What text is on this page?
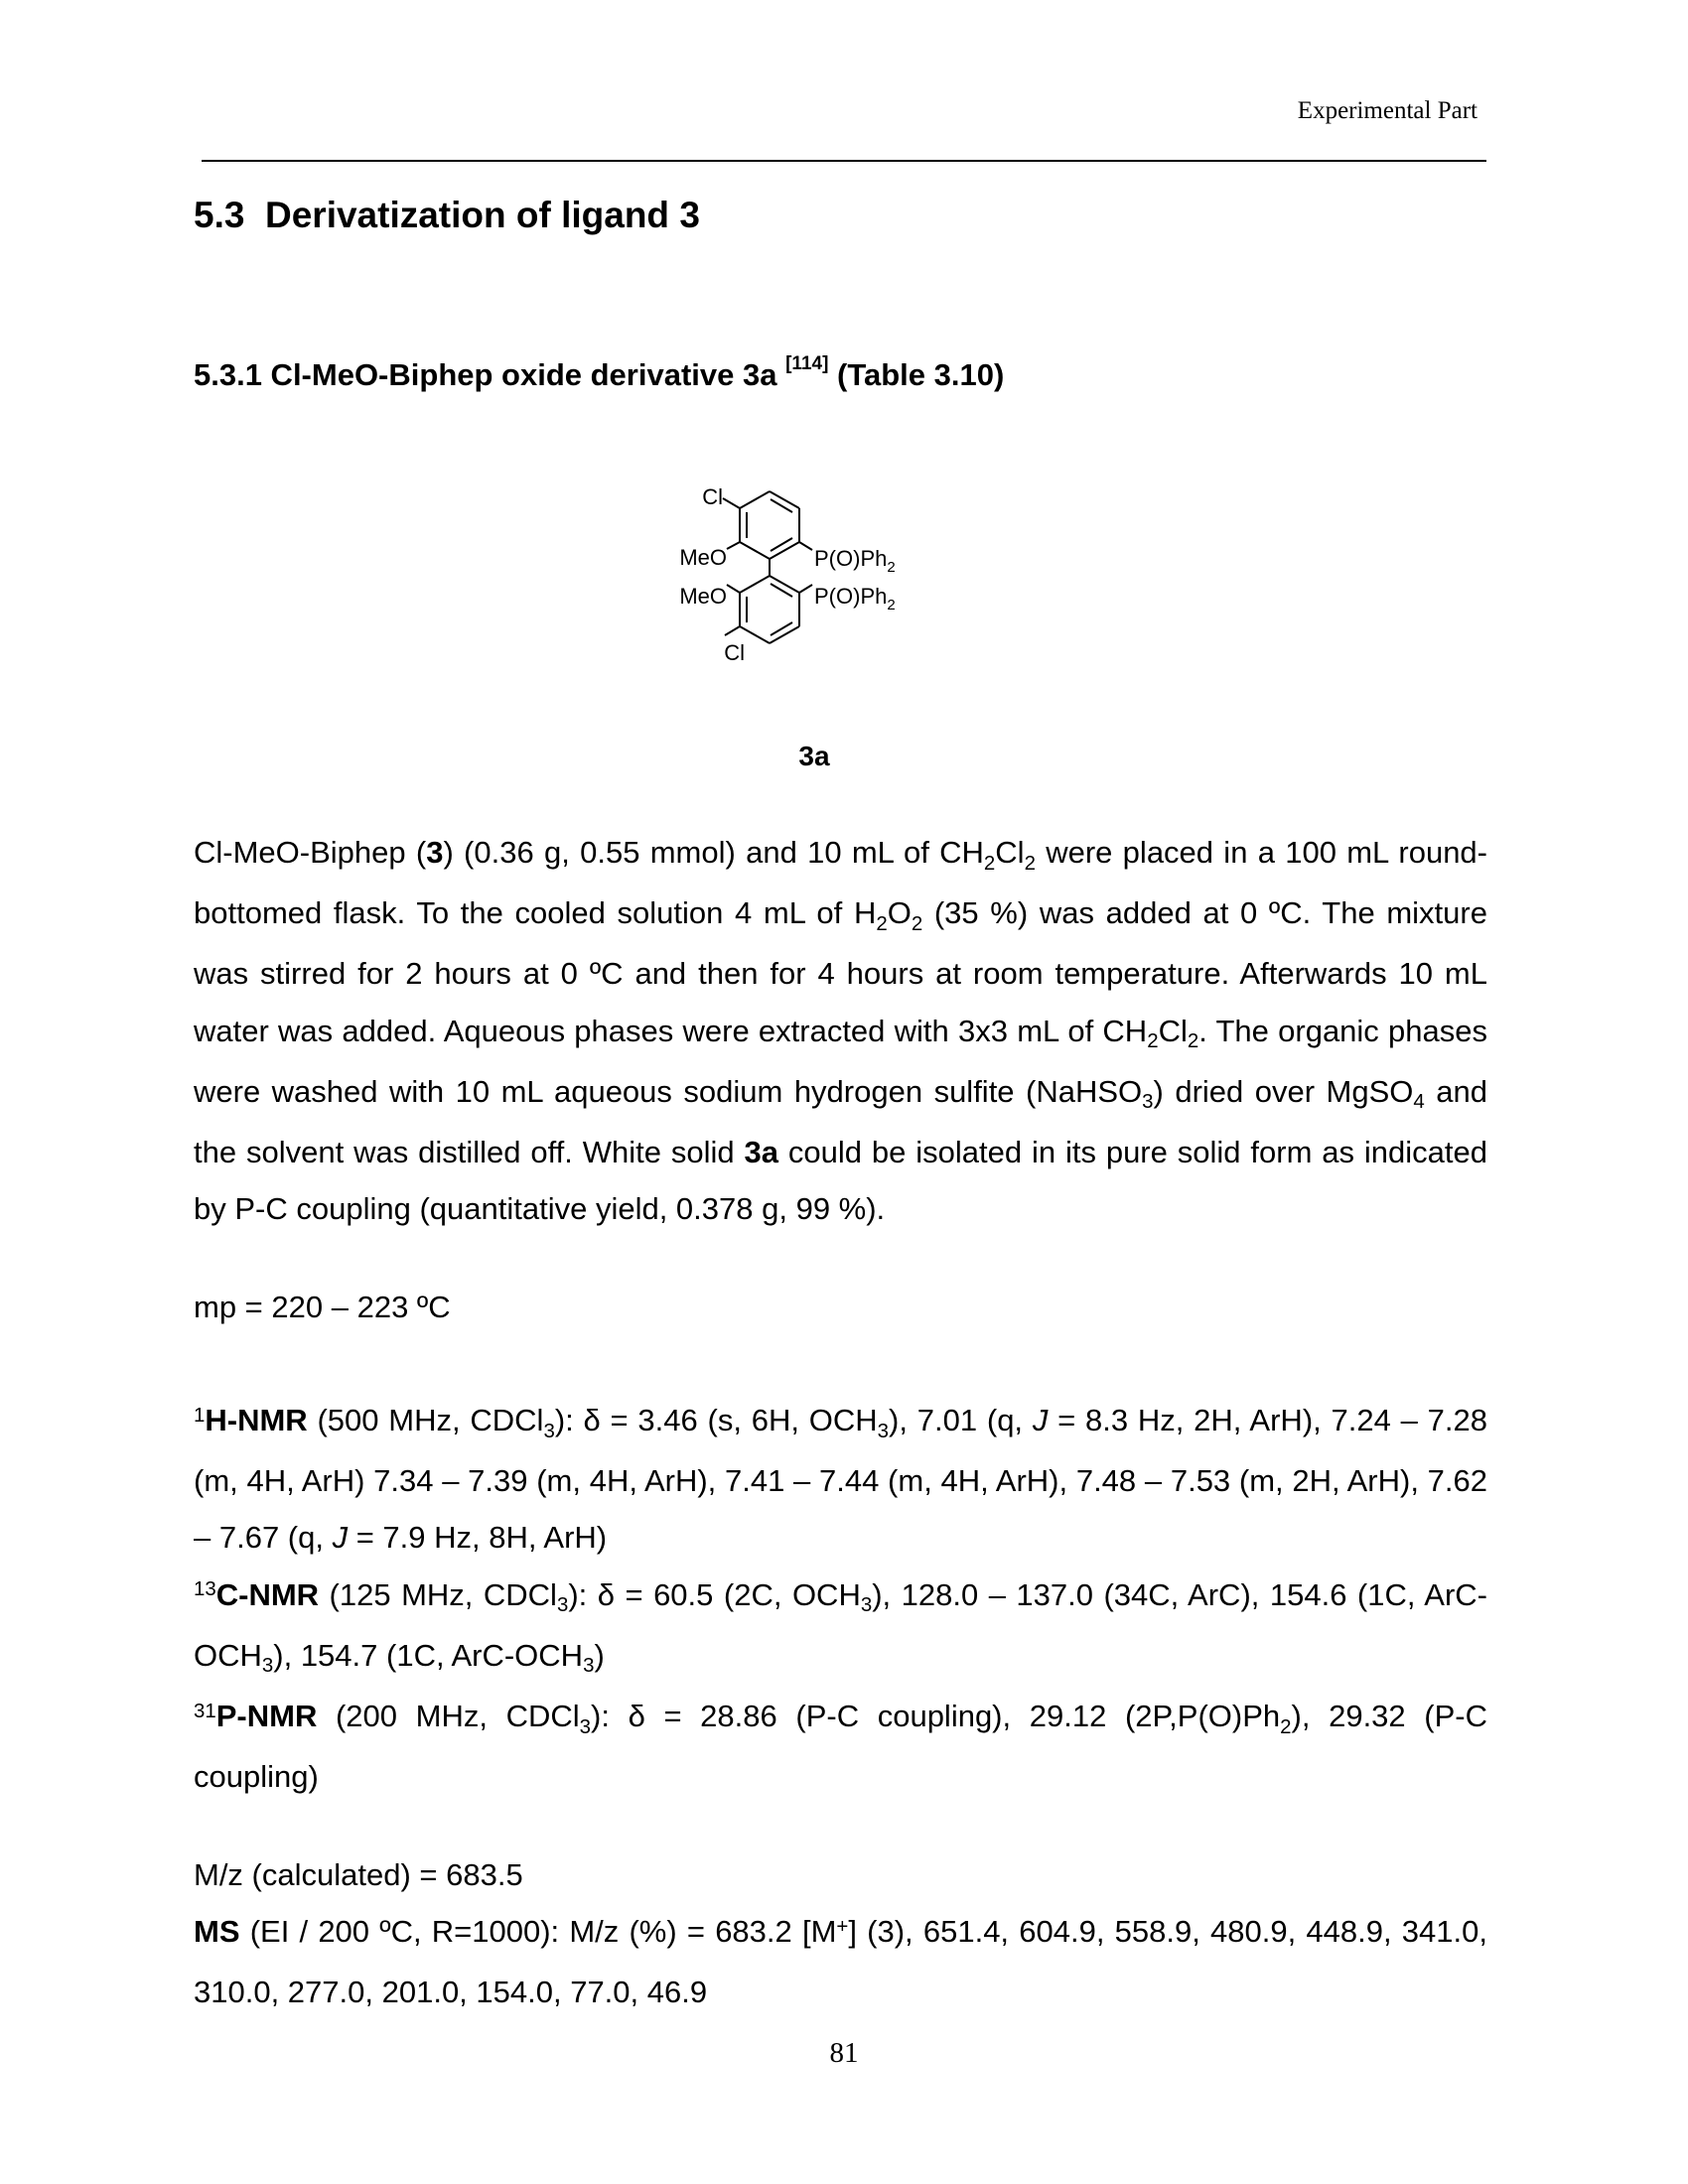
Experimental Part
5.3 Derivatization of ligand 3
5.3.1 Cl-MeO-Biphep oxide derivative 3a [114] (Table 3.10)
Cl
MeO
MeO
Cl
$P(O)Ph_2$
$P(O)Ph_2$
3a

Cl-MeO-Biphep (3) (0.36 g, 0.55 mmol) and 10 mL of $CH_2Cl_2$ were placed in a 100 mL round-bottomed flask. To the cooled solution 4 mL of $H_2O_2$ (35 %) was added at 0 ºC. The mixture was stirred for 2 hours at 0 ºC and then for 4 hours at room temperature. Afterwards 10 mL water was added. Aqueous phases were extracted with 3x3 mL of $CH_2Cl_2$. The organic phases were washed with 10 mL aqueous sodium hydrogen sulfite (NaHSO$_3$) dried over MgSO$_4$ and the solvent was distilled off. White solid 3a could be isolated in its pure solid form as indicated by P-C coupling (quantitative yield, 0.378 g, 99 %).

mp = 220 – 223 ºC

$^1$H-NMR (500 MHz, CDCl$_3$): δ = 3.46 (s, 6H, $OCH_3$), 7.01 (q, J = 8.3 Hz, 2H, ArH), 7.24 – 7.28 (m, 4H, ArH) 7.34 – 7.39 (m, 4H, ArH), 7.41 – 7.44 (m, 4H, ArH), 7.48 – 7.53 (m, 2H, ArH), 7.62 – 7.67 (q, J = 7.9 Hz, 8H, ArH)

$^{13}$C-NMR (125 MHz, CDCl$_3$): δ = 60.5 (2C, $OCH_3$), 128.0 – 137.0 (34C, ArC), 154.6 (1C, ArC-$OCH_3$), 154.7 (1C, ArC-$OCH_3$)

$^{31}$P-NMR (200 MHz, CDCl$_3$): δ = 28.86 (P-C coupling), 29.12 $(2P,P(O)Ph_2)$, 29.32 (P-C coupling)

M/z (calculated) = 683.5

MS (EI / 200 ºC, R=1000): M/z (%) = 683.2 [M+] (3), 651.4, 604.9, 558.9, 480.9, 448.9, 341.0, 310.0, 277.0, 201.0, 154.0, 77.0, 46.9

81
